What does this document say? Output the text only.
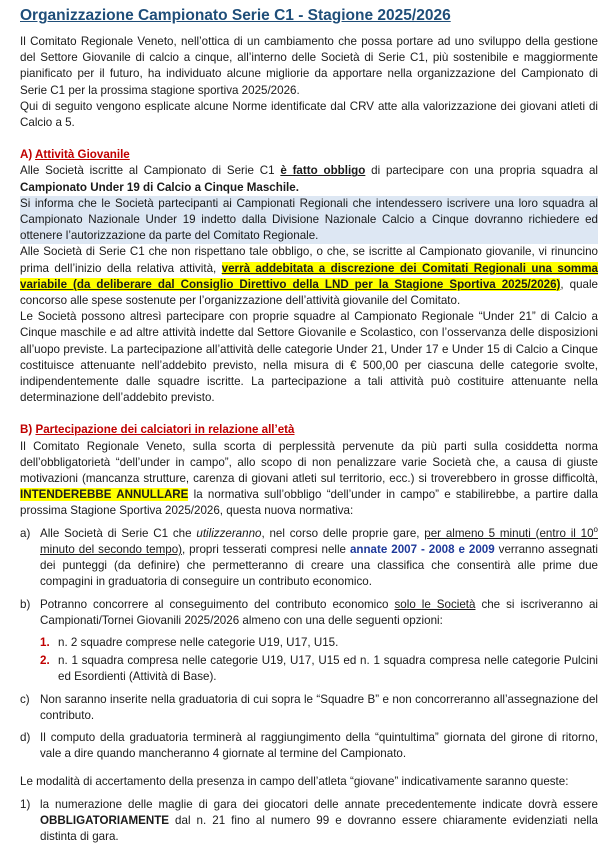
Organizzazione Campionato Serie C1 - Stagione 2025/2026

Il Comitato Regionale Veneto, nell’ottica di un cambiamento che possa portare ad uno sviluppo della gestione del Settore Giovanile di calcio a cinque, all’interno delle Società di Serie C1, più sostenibile e maggiormente pianificato per il futuro, ha individuato alcune migliorie da apportare nella organizzazione del Campionato di Serie C1 per la prossima stagione sportiva 2025/2026.

Qui di seguito vengono esplicate alcune Norme identificate dal CRV atte alla valorizzazione dei giovani atleti di Calcio a 5.

A) Attività Giovanile

Alle Società iscritte al Campionato di Serie C1 è fatto obbligo di partecipare con una propria squadra al Campionato Under 19 di Calcio a Cinque Maschile.

Si informa che le Società partecipanti ai Campionati Regionali che intendessero iscrivere una loro squadra al Campionato Nazionale Under 19 indetto dalla Divisione Nazionale Calcio a Cinque dovranno richiedere ed ottenere l’autorizzazione da parte del Comitato Regionale.

Alle Società di Serie C1 che non rispettano tale obbligo, o che, se iscritte al Campionato giovanile, vi rinuncino prima dell’inizio della relativa attività, verrà addebitata a discrezione dei Comitati Regionali una somma variabile (da deliberare dal Consiglio Direttivo della LND per la Stagione Sportiva 2025/2026), quale concorso alle spese sostenute per l’organizzazione dell’attività giovanile del Comitato.

Le Società possono altresì partecipare con proprie squadre al Campionato Regionale “Under 21” di Calcio a Cinque maschile e ad altre attività indette dal Settore Giovanile e Scolastico, con l’osservanza delle disposizioni all’uopo previste. La partecipazione all’attività delle categorie Under 21, Under 17 e Under 15 di Calcio a Cinque costituisce attenuante nell’addebito previsto, nella misura di € 500,00 per ciascuna delle categorie svolte, indipendentemente dalle squadre iscritte. La partecipazione a tali attività può costituire attenuante nella determinazione dell’addebito previsto.

B) Partecipazione dei calciatori in relazione all’età

Il Comitato Regionale Veneto, sulla scorta di perplessità pervenute da più parti sulla cosiddetta norma dell’obbligatorietà “dell’under in campo”, allo scopo di non penalizzare varie Società che, a causa di giuste motivazioni (mancanza strutture, carenza di giovani atleti sul territorio, ecc.) si troverebbero in grosse difficoltà, INTENDEREBBE ANNULLARE la normativa sull’obbligo “dell’under in campo” e stabilirebbe, a partire dalla prossima Stagione Sportiva 2025/2026, questa nuova normativa:

a) Alle Società di Serie C1 che utilizzeranno, nel corso delle proprie gare, per almeno 5 minuti (entro il 10$^o$ minuto del secondo tempo), propri tesserati compresi nelle annate 2007 - 2008 e 2009 verranno assegnati dei punteggi (da definire) che permetteranno di creare una classifica che consentirà alle prime due compagini in graduatoria di conseguire un contributo economico.
b) Potranno concorrere al conseguimento del contributo economico solo le Società che si iscriveranno ai Campionati/Tornei Giovanili 2025/2026 almeno con una delle seguenti opzioni:
1. n. 2 squadre comprese nelle categorie U19, U17, U15.
2. n. 1 squadra compresa nelle categorie U19, U17, U15 ed n. 1 squadra compresa nelle categorie Pulcini ed Esordienti (Attività di Base).
c) Non saranno inserite nella graduatoria di cui sopra le “Squadre B” e non concorreranno all’assegnazione del contributo.
d) Il computo della graduatoria terminerà al raggiungimento della “quintultima” giornata del girone di ritorno, vale a dire quando mancheranno 4 giornate al termine del Campionato.

Le modalità di accertamento della presenza in campo dell’atleta “giovane” indicativamente saranno queste:

1) la numerazione delle maglie di gara dei giocatori delle annate precedentemente indicate dovrà essere OBBLIGATORIAMENTE dal n. 21 fino al numero 99 e dovranno essere chiaramente evidenziati nella distinta di gara.
